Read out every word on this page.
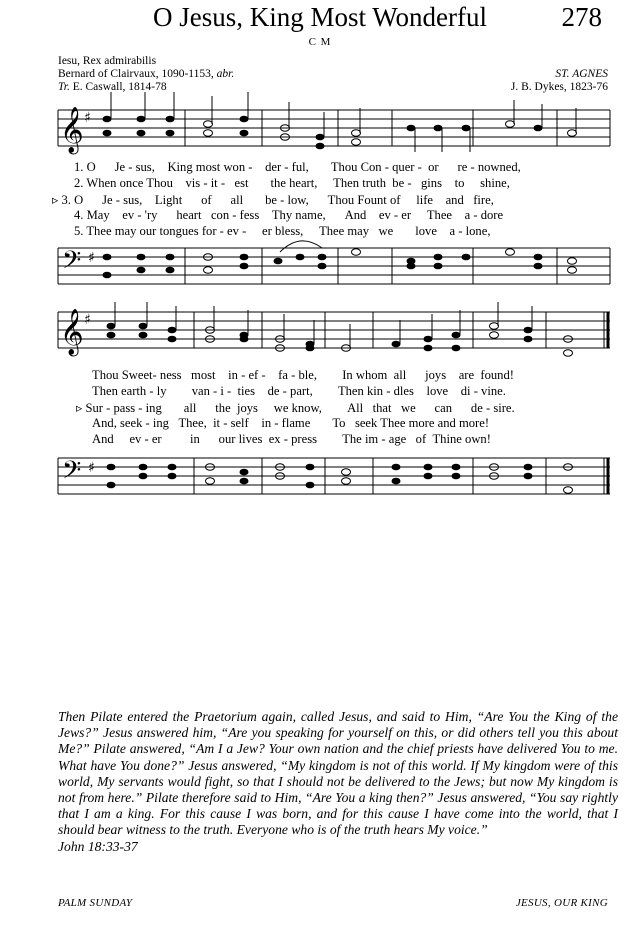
O Jesus, King Most Wonderful	278
C M
Iesu, Rex admirabilis
Bernard of Clairvaux, 1090-1153, abr.
Tr. E. Caswall, 1814-78
ST. AGNES
J. B. Dykes, 1823-76
𝄞 ♯
1. O Je - sus, King most won - der - ful, Thou Con - quer - or re - nowned,
2. When once Thou vis - it - est the heart, Then truth be - gins to shine,
▹ 3. O Je - sus, Light of all be - low, Thou Fount of life and fire,
4. May ev - 'ry heart con - fess Thy name, And ev - er Thee a - dore
5. Thee may our tongues for - ev - er bless, Thee may we love a - lone,
𝄢 ♯
𝄞 ♯
Thou Sweet- ness most in - ef - fa - ble, In whom all joys are found!
Then earth - ly van - i - ties de - part, Then kin - dles love di - vine.
▹ Sur - pass - ing all the joys we know, All that we can de - sire.
And, seek - ing Thee, it - self in - flame To seek Thee more and more!
And ev - er in our lives ex - press The im - age of Thine own!
𝄢 ♯
Then Pilate entered the Praetorium again, called Jesus, and said to Him, “Are You the King of the Jews?” Jesus answered him, “Are you speaking for yourself on this, or did others tell you this about Me?” Pilate answered, “Am I a Jew? Your own nation and the chief priests have delivered You to me. What have You done?” Jesus answered, “My kingdom is not of this world. If My kingdom were of this world, My servants would fight, so that I should not be delivered to the Jews; but now My kingdom is not from here.” Pilate therefore said to Him, “Are You a king then?” Jesus answered, “You say rightly that I am a king. For this cause I was born, and for this cause I have come into the world, that I should bear witness to the truth. Everyone who is of the truth hears My voice.”
John 18:33-37
PALM SUNDAY	JESUS, OUR KING
